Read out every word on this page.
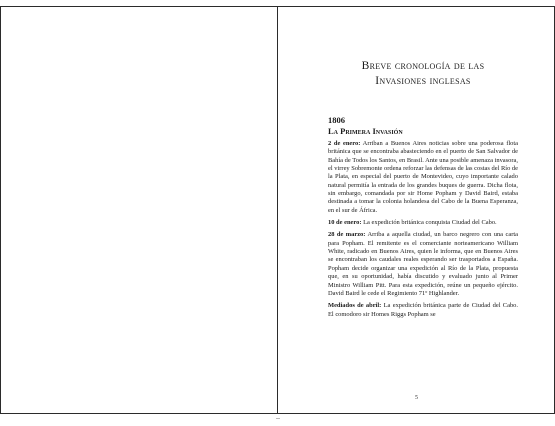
Breve cronología de las
Invasiones inglesas
1806
La Primera Invasión

2 de enero: Arriban a Buenos Aires noticias sobre una poderosa flota británica que se encontraba abasteciendo en el puerto de San Salvador de Bahía de Todos los Santos, en Brasil. Ante una posible amenaza invasora, el virrey Sobremonte ordena reforzar las defensas de las costas del Río de la Plata, en especial del puerto de Montevideo, cuyo importante calado natural permitía la entrada de los grandes buques de guerra. Dicha flota, sin embargo, comandada por sir Home Popham y David Baird, estaba destinada a tomar la colonia holandesa del Cabo de la Buena Esperanza, en el sur de África.

10 de enero: La expedición británica conquista Ciudad del Cabo.

28 de marzo: Arriba a aquella ciudad, un barco negrero con una carta para Popham. El remitente es el comerciante norteamericano William White, radicado en Buenos Aires, quien le informa, que en Buenos Aires se encontraban los caudales reales esperando ser trasportados a España. Popham decide organizar una expedición al Río de la Plata, propuesta que, en su oportunidad, había discutido y evaluado junto al Primer Ministro William Pitt. Para esta expedición, reúne un pequeño ejército. David Baird le cede el Regimiento 71º Highlander.

Mediados de abril: La expedición británica parte de Ciudad del Cabo. El comodoro sir Homes Riggs Popham se

5
